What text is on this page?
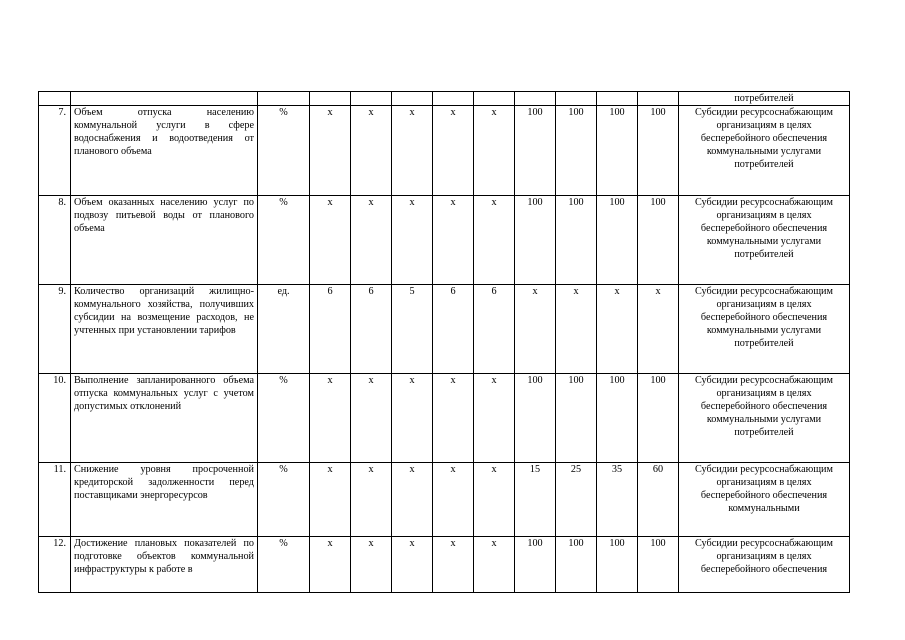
												потребителей
7.	Объем отпуска населению коммунальной услуги в сфере водоснабжения и водоотведения от планового объема	%	х	х	х	х	х	100	100	100	100	Субсидии ресурсоснабжающим организациям в целях бесперебойного обеспечения коммунальными услугами потребителей
8.	Объем оказанных населению услуг по подвозу питьевой воды от планового объема	%	х	х	х	х	х	100	100	100	100	Субсидии ресурсоснабжающим организациям в целях бесперебойного обеспечения коммунальными услугами потребителей
9.	Количество организаций жилищно-коммунального хозяйства, получивших субсидии на возмещение расходов, не учтенных при установлении тарифов	ед.	6	6	5	6	6	х	х	х	х	Субсидии ресурсоснабжающим организациям в целях бесперебойного обеспечения коммунальными услугами потребителей
10.	Выполнение запланированного объема отпуска коммунальных услуг с учетом допустимых отклонений	%	х	х	х	х	х	100	100	100	100	Субсидии ресурсоснабжающим организациям в целях бесперебойного обеспечения коммунальными услугами потребителей
11.	Снижение уровня просроченной кредиторской задолженности перед поставщиками энергоресурсов	%	х	х	х	х	х	15	25	35	60	Субсидии ресурсоснабжающим организациям в целях бесперебойного обеспечения коммунальными
12.	Достижение плановых показателей по подготовке объектов коммунальной инфраструктуры к работе в	%	х	х	х	х	х	100	100	100	100	Субсидии ресурсоснабжающим организациям в целях бесперебойного обеспечения
